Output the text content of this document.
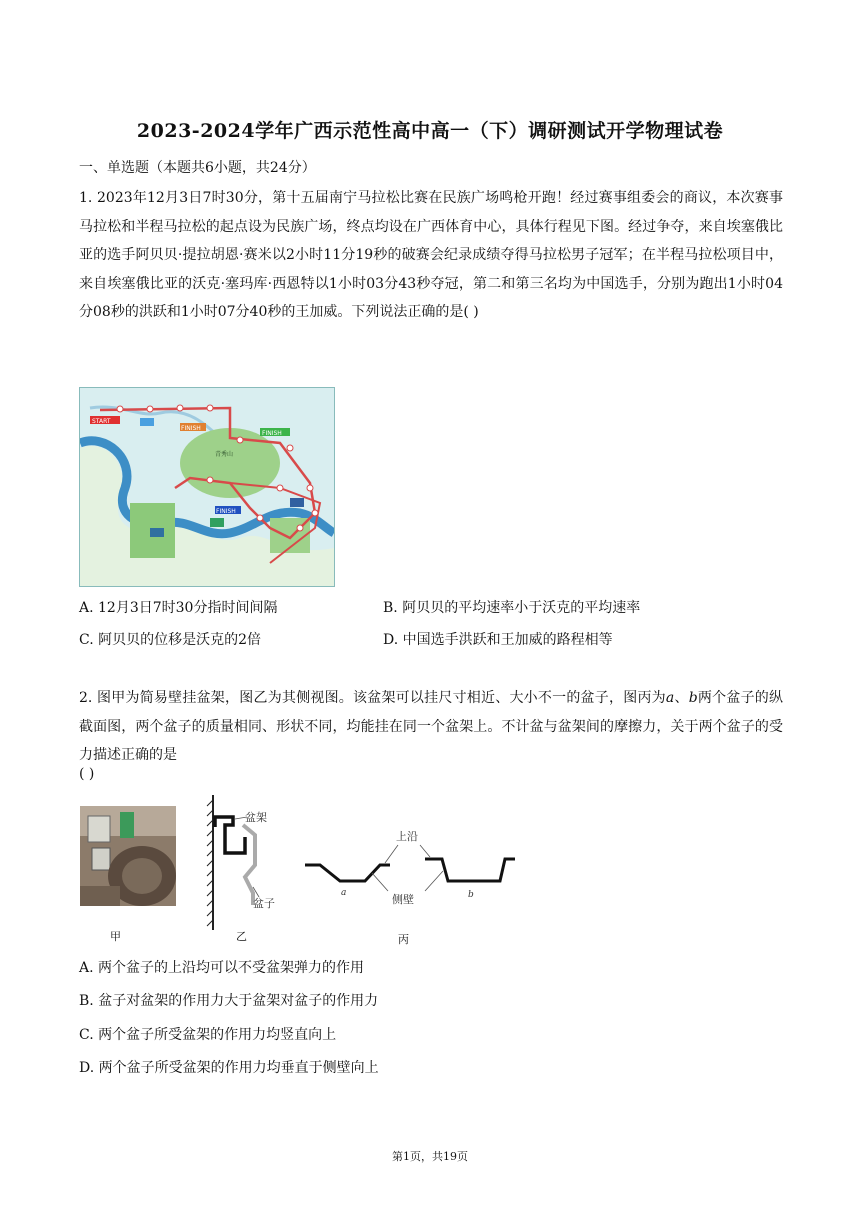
2023-2024学年广西示范性高中高一（下）调研测试开学物理试卷
一、单选题（本题共6小题，共24分）
1. 2023年12月3日7时30分，第十五届南宁马拉松比赛在民族广场鸣枪开跑！经过赛事组委会的商议，本次赛事马拉松和半程马拉松的起点设为民族广场，终点均设在广西体育中心，具体行程见下图。经过争夺，来自埃塞俄比亚的选手阿贝贝·提拉胡恩·赛米以2小时11分19秒的破赛会纪录成绩夺得马拉松男子冠军；在半程马拉松项目中，来自埃塞俄比亚的沃克·塞玛库·西恩特以1小时03分43秒夺冠，第二和第三名均为中国选手，分别为跑出1小时04分08秒的洪跃和1小时07分40秒的王加威。下列说法正确的是( )
START
FINISH
FINISH
FINISH
青秀山
A. 12月3日7时30分指时间间隔	B. 阿贝贝的平均速率小于沃克的平均速率
C. 阿贝贝的位移是沃克的2倍	D. 中国选手洪跃和王加威的路程相等
2. 图甲为简易壁挂盆架，图乙为其侧视图。该盆架可以挂尺寸相近、大小不一的盆子，图丙为a、b两个盆子的纵截面图，两个盆子的质量相同、形状不同，均能挂在同一个盆架上。不计盆与盆架间的摩擦力，关于两个盆子的受力描述正确的是
( )
甲
盆架
盆子
乙
上沿
侧壁
a	b
丙
A. 两个盆子的上沿均可以不受盆架弹力的作用
B. 盆子对盆架的作用力大于盆架对盆子的作用力
C. 两个盆子所受盆架的作用力均竖直向上
D. 两个盆子所受盆架的作用力均垂直于侧壁向上
第1页，共19页
